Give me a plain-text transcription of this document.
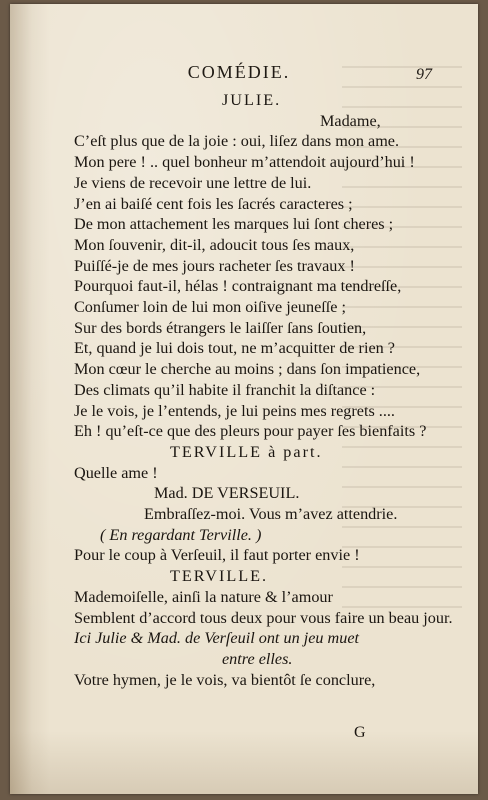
COMÉDIE.	97
JULIE.
Madame,
C’eſt plus que de la joie : oui, liſez dans mon ame.
Mon pere ! .. quel bonheur m’attendoit aujourd’hui !
Je viens de recevoir une lettre de lui.
J’en ai baiſé cent fois les ſacrés caracteres ;
De mon attachement les marques lui ſont cheres ;
Mon ſouvenir, dit-il, adoucit tous ſes maux,
Puiſſé-je de mes jours racheter ſes travaux !
Pourquoi faut-il, hélas ! contraignant ma tendreſſe,
Conſumer loin de lui mon oiſive jeuneſſe ;
Sur des bords étrangers le laiſſer ſans ſoutien,
Et, quand je lui dois tout, ne m’acquitter de rien ?
Mon cœur le cherche au moins ; dans ſon impatience,
Des climats qu’il habite il franchit la diſtance :
Je le vois, je l’entends, je lui peins mes regrets ....
Eh ! qu’eſt-ce que des pleurs pour payer ſes bienfaits ?
TERVILLE à part.
Quelle ame !
Mad. DE VERSEUIL.
Embraſſez-moi. Vous m’avez attendrie.
( En regardant Terville. )
Pour le coup à Verſeuil, il faut porter envie !
TERVILLE.
Mademoiſelle, ainſi la nature & l’amour
Semblent d’accord tous deux pour vous faire un beau jour.
Ici Julie & Mad. de Verſeuil ont un jeu muet
entre elles.
Votre hymen, je le vois, va bientôt ſe conclure,
G
